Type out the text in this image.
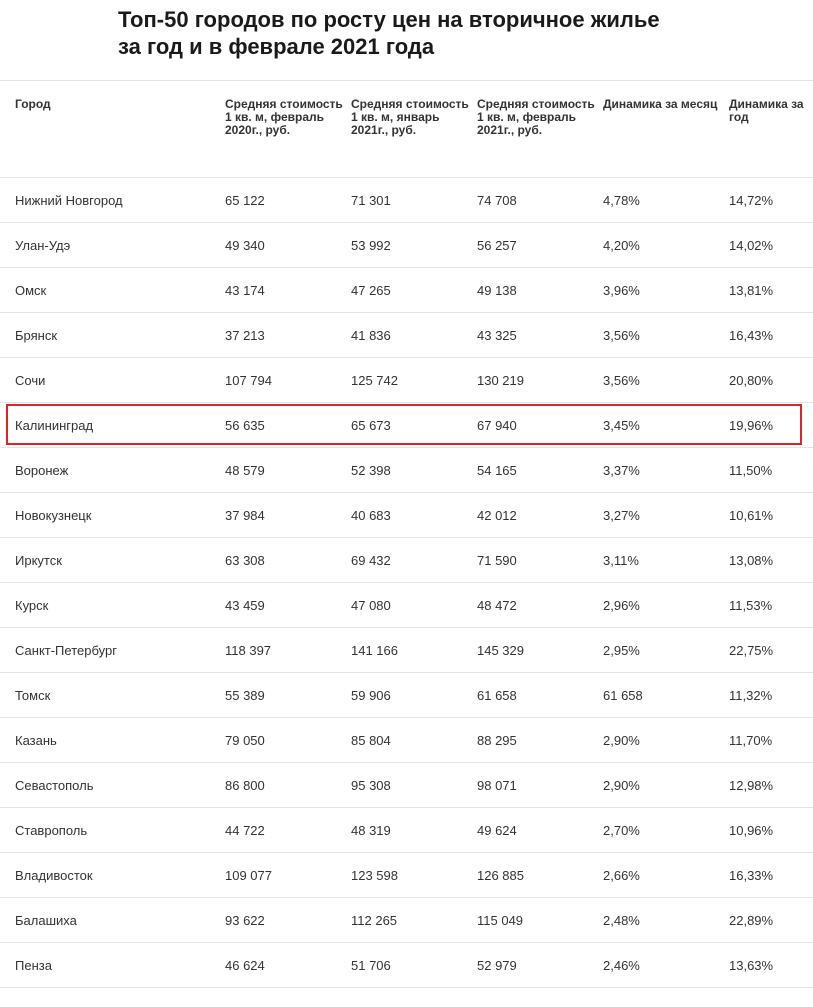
Топ-50 городов по росту цен на вторичное жилье за год и в феврале 2021 года
Город	Средняя стоимость 1 кв. м, февраль 2020г., руб.	Средняя стоимость 1 кв. м, январь 2021г., руб.	Средняя стоимость 1 кв. м, февраль 2021г., руб.	Динамика за месяц	Динамика за год
Нижний Новгород	65 122	71 301	74 708	4,78%	14,72%
Улан-Удэ	49 340	53 992	56 257	4,20%	14,02%
Омск	43 174	47 265	49 138	3,96%	13,81%
Брянск	37 213	41 836	43 325	3,56%	16,43%
Сочи	107 794	125 742	130 219	3,56%	20,80%
Калининград	56 635	65 673	67 940	3,45%	19,96%
Воронеж	48 579	52 398	54 165	3,37%	11,50%
Новокузнецк	37 984	40 683	42 012	3,27%	10,61%
Иркутск	63 308	69 432	71 590	3,11%	13,08%
Курск	43 459	47 080	48 472	2,96%	11,53%
Санкт-Петербург	118 397	141 166	145 329	2,95%	22,75%
Томск	55 389	59 906	61 658	61 658	11,32%
Казань	79 050	85 804	88 295	2,90%	11,70%
Севастополь	86 800	95 308	98 071	2,90%	12,98%
Ставрополь	44 722	48 319	49 624	2,70%	10,96%
Владивосток	109 077	123 598	126 885	2,66%	16,33%
Балашиха	93 622	112 265	115 049	2,48%	22,89%
Пенза	46 624	51 706	52 979	2,46%	13,63%
